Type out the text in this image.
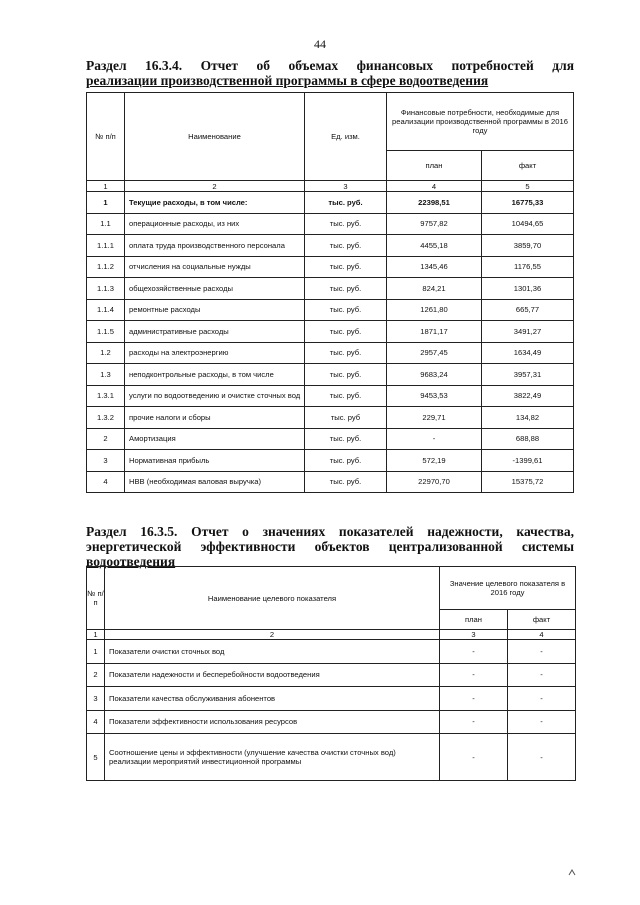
44
Раздел 16.3.4. Отчет об объемах финансовых потребностей для
реализации производственной программы в сфере водоотведения
№ п/п	Наименование	Ед. изм.	Финансовые потребности, необходимые для реализации производственной программы в 2016 году	
			план	факт
1	2	3	4	5
1	Текущие расходы, в том числе:	тыс. руб.	22398,51	16775,33
1.1	операционные расходы, из них	тыс. руб.	9757,82	10494,65
1.1.1	оплата труда производственного персонала	тыс. руб.	4455,18	3859,70
1.1.2	отчисления на социальные нужды	тыс. руб.	1345,46	1176,55
1.1.3	общехозяйственные расходы	тыс. руб.	824,21	1301,36
1.1.4	ремонтные расходы	тыс. руб.	1261,80	665,77
1.1.5	административные расходы	тыс. руб.	1871,17	3491,27
1.2	расходы на электроэнергию	тыс. руб.	2957,45	1634,49
1.3	неподконтрольные расходы, в том числе	тыс. руб.	9683,24	3957,31
1.3.1	услуги по водоотведению и очистке сточных вод	тыс. руб.	9453,53	3822,49
1.3.2	прочие налоги и сборы	тыс. руб	229,71	134,82
2	Амортизация	тыс. руб.	-	688,88
3	Нормативная прибыль	тыс. руб.	572,19	-1399,61
4	НВВ (необходимая валовая выручка)	тыс. руб.	22970,70	15375,72
Раздел 16.3.5. Отчет о значениях показателей надежности, качества,
энергетической эффективности объектов централизованной системы
водоотведения
№ п/п	Наименование целевого показателя	Значение целевого показателя в 2016 году	
		план	факт
1	2	3	4
1	Показатели очистки сточных вод	-	-
2	Показатели надежности и бесперебойности водоотведения	-	-
3	Показатели качества обслуживания абонентов	-	-
4	Показатели эффективности использования ресурсов	-	-
5	Соотношение цены и эффективности (улучшение качества очистки сточных вод) реализации мероприятий инвестиционной программы	-	-
